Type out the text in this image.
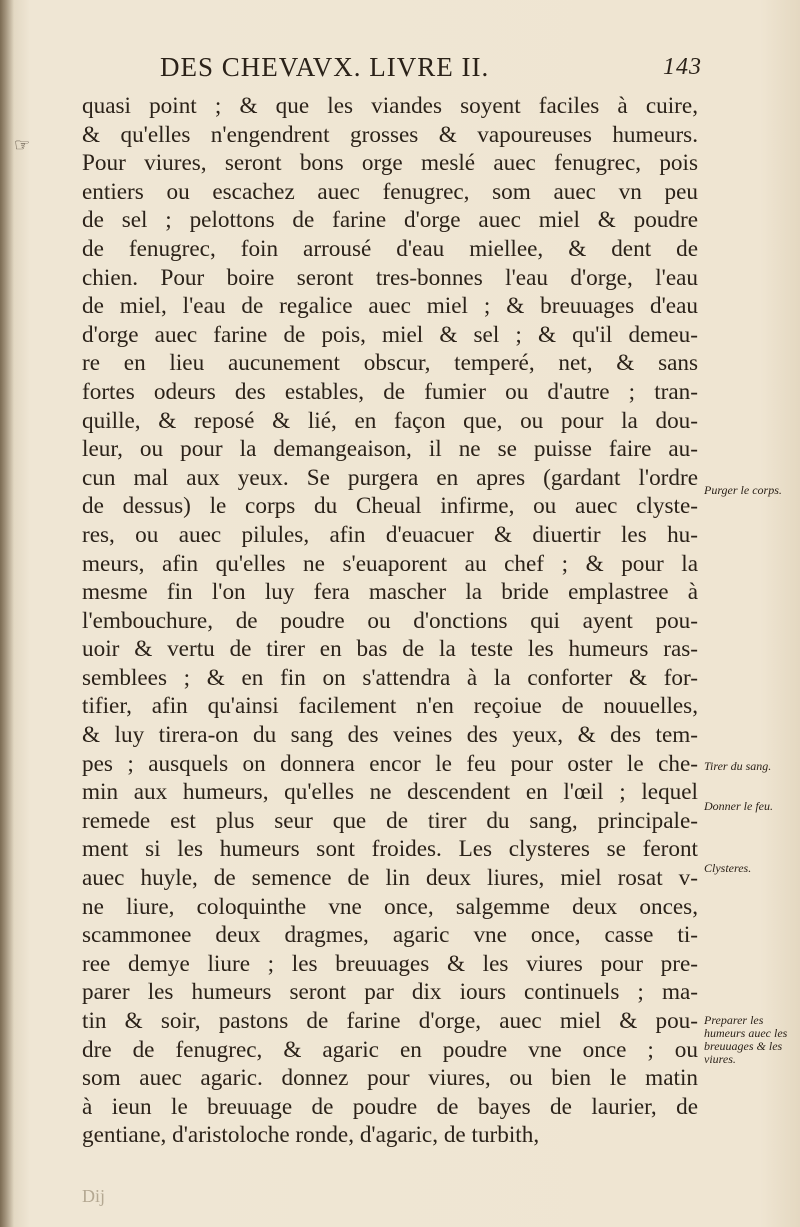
☞
DES CHEVAVX. LIVRE II.	143
quasi point ; & que les viandes soyent faciles à cuire,
& qu'elles n'engendrent grosses & vapoureuses humeurs.
Pour viures, seront bons orge meslé auec fenugrec, pois
entiers ou escachez auec fenugrec, som auec vn peu
de sel ; pelottons de farine d'orge auec miel & poudre
de fenugrec, foin arrousé d'eau miellee, & dent de
chien. Pour boire seront tres-bonnes l'eau d'orge, l'eau
de miel, l'eau de regalice auec miel ; & breuuages d'eau
d'orge auec farine de pois, miel & sel ; & qu'il demeu-
re en lieu aucunement obscur, temperé, net, & sans
fortes odeurs des estables, de fumier ou d'autre ; tran-
quille, & reposé & lié, en façon que, ou pour la dou-
leur, ou pour la demangeaison, il ne se puisse faire au-
cun mal aux yeux. Se purgera en apres (gardant l'ordre
de dessus) le corps du Cheual infirme, ou auec clyste-
res, ou auec pilules, afin d'euacuer & diuertir les hu-
meurs, afin qu'elles ne s'euaporent au chef ; & pour la
mesme fin l'on luy fera mascher la bride emplastree à
l'embouchure, de poudre ou d'onctions qui ayent pou-
uoir & vertu de tirer en bas de la teste les humeurs ras-
semblees ; & en fin on s'attendra à la conforter & for-
tifier, afin qu'ainsi facilement n'en reçoiue de nouuelles,
& luy tirera-on du sang des veines des yeux, & des tem-
pes ; ausquels on donnera encor le feu pour oster le che-
min aux humeurs, qu'elles ne descendent en l'œil ; lequel
remede est plus seur que de tirer du sang, principale-
ment si les humeurs sont froides. Les clysteres se feront
auec huyle, de semence de lin deux liures, miel rosat v-
ne liure, coloquinthe vne once, salgemme deux onces,
scammonee deux dragmes, agaric vne once, casse ti-
ree demye liure ; les breuuages & les viures pour pre-
parer les humeurs seront par dix iours continuels ; ma-
tin & soir, pastons de farine d'orge, auec miel & pou-
dre de fenugrec, & agaric en poudre vne once ; ou
som auec agaric. donnez pour viures, ou bien le matin
à ieun le breuuage de poudre de bayes de laurier, de
gentiane, d'aristoloche ronde, d'agaric, de turbith,
Purger le corps.
Tirer du sang.
Donner le feu.
Clysteres.
Preparer les humeurs auec les breuuages & les viures.
Dij
